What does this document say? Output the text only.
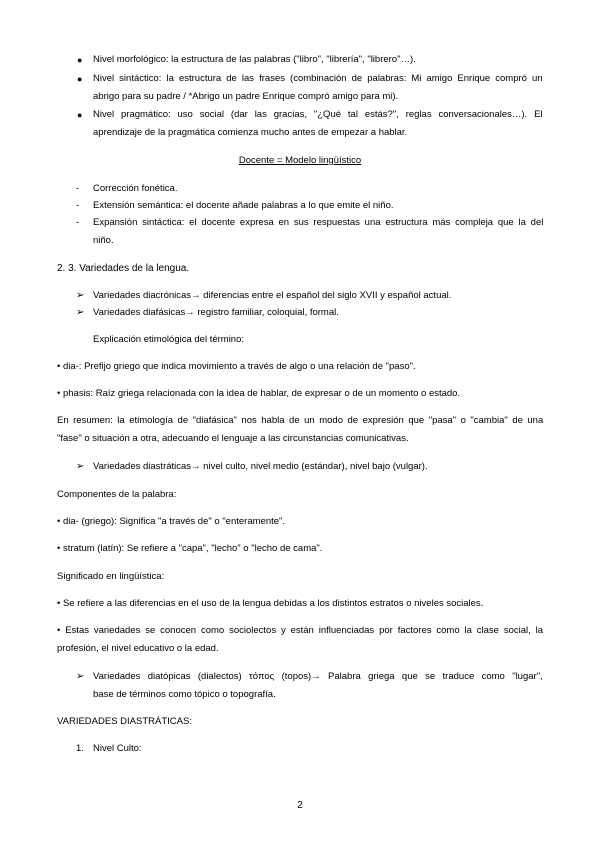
● Nivel morfológico: la estructura de las palabras ("libro", "librería", "librero"…).
● Nivel sintáctico: la estructura de las frases (combinación de palabras: Mi amigo Enrique compró un
abrigo para su padre / *Abrigo un padre Enrique compró amigo para mi).
● Nivel pragmático: uso social (dar las gracias, "¿Qué tal estás?", reglas conversacionales…). El
aprendizaje de la pragmática comienza mucho antes de empezar a hablar.
Docente = Modelo lingüístico
- Corrección fonética.
- Extensión semántica: el docente añade palabras a lo que emite el niño.
- Expansión sintáctica: el docente expresa en sus respuestas una estructura más compleja que la del
niño.
2. 3. Variedades de la lengua.
➢ Variedades diacrónicas→ diferencias entre el español del siglo XVII y español actual.
➢ Variedades diafásicas→ registro familiar, coloquial, formal.
Explicación etimológica del término:
• dia-: Prefijo griego que indica movimiento a través de algo o una relación de "paso".
• phasis: Raíz griega relacionada con la idea de hablar, de expresar o de un momento o estado.
En resumen: la etimología de "diafásica" nos habla de un modo de expresión que "pasa" o "cambia" de una
"fase" o situación a otra, adecuando el lenguaje a las circunstancias comunicativas.
➢ Variedades diastráticas→ nivel culto, nivel medio (estándar), nivel bajo (vulgar).
Componentes de la palabra:
• dia- (griego): Significa "a través de" o "enteramente".
• stratum (latín): Se refiere a "capa", "lecho" o "lecho de cama".
Significado en lingüística:
• Se refiere a las diferencias en el uso de la lengua debidas a los distintos estratos o niveles sociales.
• Estas variedades se conocen como sociolectos y están influenciadas por factores como la clase social, la
profesión, el nivel educativo o la edad.
➢ Variedades diatópicas (dialectos) τόπος (topos)→ Palabra griega que se traduce como "lugar",
base de términos como tópico o topografía.
VARIEDADES DIASTRÁTICAS:
1. Nivel Culto:
2
